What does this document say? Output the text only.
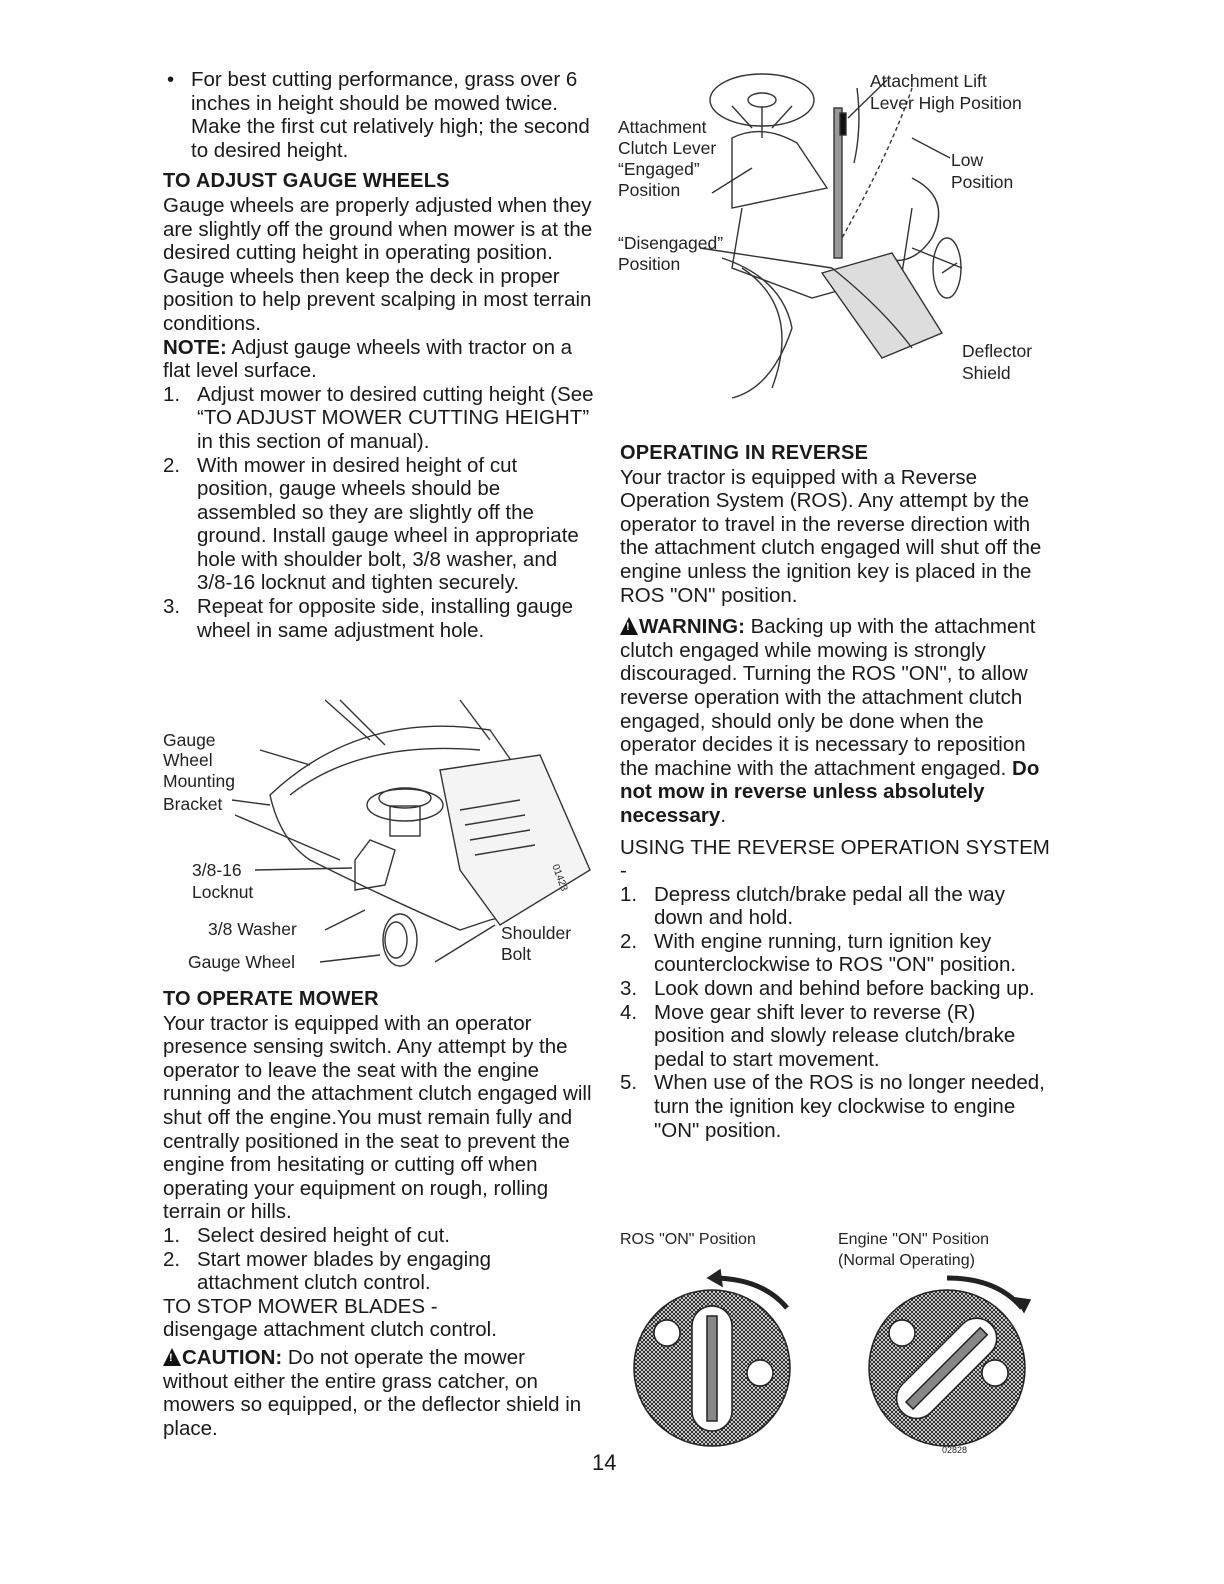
• For best cutting performance, grass over 6 inches in height should be mowed twice. Make the first cut relatively high; the second to desired height.

TO ADJUST GAUGE WHEELS

Gauge wheels are properly adjusted when they are slightly off the ground when mower is at the desired cutting height in operating position. Gauge wheels then keep the deck in proper position to help prevent scalping in most terrain conditions.

NOTE: Adjust gauge wheels with tractor on a flat level surface.

1. Adjust mower to desired cutting height (See “TO ADJUST MOWER CUTTING HEIGHT” in this section of manual).
2. With mower in desired height of cut position, gauge wheels should be assembled so they are slightly off the ground. Install gauge wheel in appropriate hole with shoulder bolt, 3/8 washer, and 3/8-16 locknut and tighten securely.
3. Repeat for opposite side, installing gauge wheel in same adjustment hole.
Gauge
Wheel
Mounting
Bracket
3/8-16
Locknut
3/8 Washer
Gauge Wheel
Shoulder
Bolt
01423

TO OPERATE MOWER

Your tractor is equipped with an operator presence sensing switch. Any attempt by the operator to leave the seat with the engine running and the attachment clutch engaged will shut off the engine.You must remain fully and centrally positioned in the seat to prevent the engine from hesitating or cutting off when operating your equipment on rough, rolling terrain or hills.

1. Select desired height of cut.
2. Start mower blades by engaging attachment clutch control.

TO STOP MOWER BLADES -

disengage attachment clutch control.

!CAUTION: Do not operate the mower without either the entire grass catcher, on mowers so equipped, or the deflector shield in place.

Attachment Lift
Lever High Position
Attachment
Clutch Lever
“Engaged”
Position
Low
Position
“Disengaged”
Position
Deflector
Shield

OPERATING IN REVERSE

Your tractor is equipped with a Reverse Operation System (ROS). Any attempt by the operator to travel in the reverse direction with the attachment clutch engaged will shut off the engine unless the ignition key is placed in the ROS "ON" position.

!WARNING: Backing up with the attachment clutch engaged while mowing is strongly discouraged. Turning the ROS "ON", to allow reverse operation with the attachment clutch engaged, should only be done when the operator decides it is necessary to reposition the machine with the attachment engaged. Do not mow in reverse unless absolutely necessary.

USING THE REVERSE OPERATION SYSTEM -

1. Depress clutch/brake pedal all the way down and hold.
2. With engine running, turn ignition key counterclockwise to ROS "ON" position.
3. Look down and behind before backing up.
4. Move gear shift lever to reverse (R) position and slowly release clutch/brake pedal to start movement.
5. When use of the ROS is no longer needed, turn the ignition key clockwise to engine "ON" position.
ROS "ON" Position	Engine "ON" Position
(Normal Operating)
02828
14
